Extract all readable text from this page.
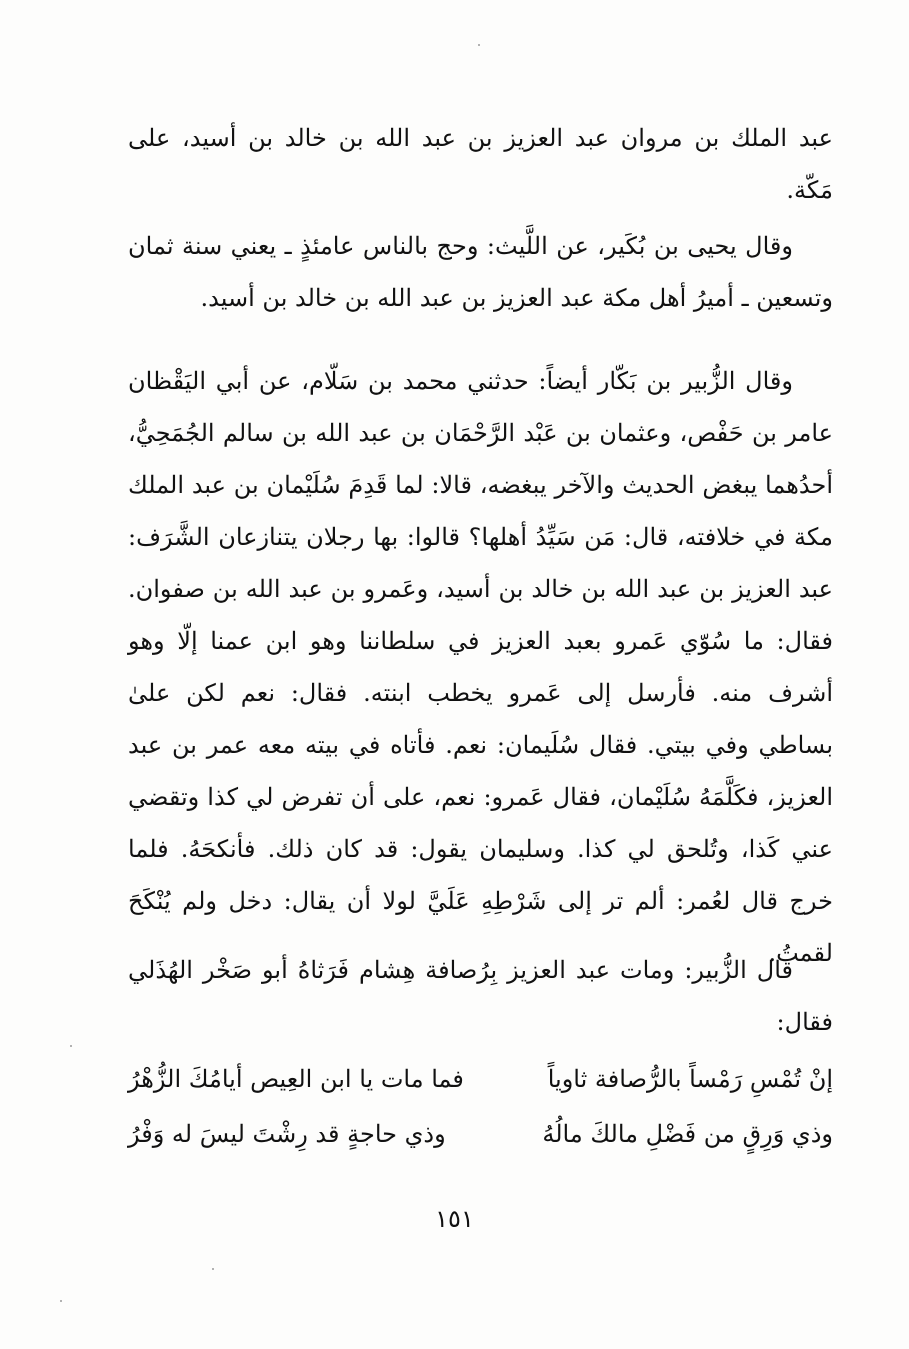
عبد الملك بن مروان عبد العزيز بن عبد الله بن خالد بن أسيد، على مَكّة.

وقال يحيى بن بُكَير، عن اللَّيث: وحج بالناس عامئذٍ ـ يعني سنة ثمان وتسعين ـ أميرُ أهل مكة عبد العزيز بن عبد الله بن خالد بن أسيد.

وقال الزُّبير بن بَكّار أيضاً: حدثني محمد بن سَلّام، عن أبي اليَقْظان عامر بن حَفْص، وعثمان بن عَبْد الرَّحْمَان بن عبد الله بن سالم الجُمَحِيُّ، أحدُهما يبغض الحديث والآخر يبغضه، قالا: لما قَدِمَ سُلَيْمان بن عبد الملك مكة في خلافته، قال: مَن سَيِّدُ أهلها؟ قالوا: بها رجلان يتنازعان الشَّرَف: عبد العزيز بن عبد الله بن خالد بن أسيد، وعَمرو بن عبد الله بن صفوان. فقال: ما سُوّي عَمرو بعبد العزيز في سلطاننا وهو ابن عمنا إلّا وهو أشرف منه. فأرسل إلى عَمرو يخطب ابنته. فقال: نعم لكن علىٰ بساطي وفي بيتي. فقال سُلَيمان: نعم. فأتاه في بيته معه عمر بن عبد العزيز، فكَلَّمَهُ سُلَيْمان، فقال عَمرو: نعم، على أن تفرض لي كذا وتقضي عني كَذا، وتُلحق لي كذا. وسليمان يقول: قد كان ذلك. فأنكحَهُ. فلما خرج قال لعُمر: ألم تر إلى شَرْطِهِ عَلَيَّ لولا أن يقال: دخل ولم يُنْكَحَ لقمتُ.

قال الزُّبير: ومات عبد العزيز بِرُصافة هِشام فَرَثاهُ أبو صَخْر الهُذَلي فقال:

إنْ تُمْسِ رَمْساً بالرُّصافة ثاوياً
فما مات يا ابن العِيص أيامُكَ الزُّهْرُ
وذي وَرِقٍ من فَضْلِ مالكَ مالُهُ
وذي حاجةٍ قد رِشْتَ ليسَ له وَفْرُ
١٥١
